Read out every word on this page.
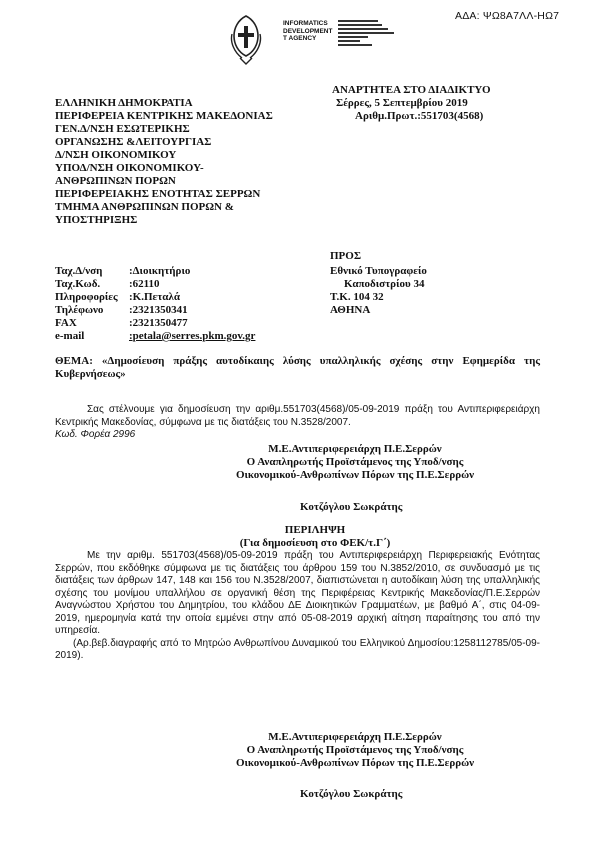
ΑΔΑ: ΨΩ8Α7ΛΛ-ΗΩ7
INFORMATICS
DEVELOPMENT
T AGENCY
ΑΝΑΡΤΗΤΕΑ ΣΤΟ ΔΙΑΔΙΚΤΥΟ
Σέρρες, 5 Σεπτεμβρίου 2019
Αριθμ.Πρωτ.:551703(4568)
ΕΛΛΗΝΙΚΗ ΔΗΜΟΚΡΑΤΙΑ
ΠΕΡΙΦΕΡΕΙΑ ΚΕΝΤΡΙΚΗΣ ΜΑΚΕΔΟΝΙΑΣ
ΓΕΝ.Δ/ΝΣΗ ΕΣΩΤΕΡΙΚΗΣ
ΟΡΓΑΝΩΣΗΣ &ΛΕΙΤΟΥΡΓΙΑΣ
Δ/ΝΣΗ ΟΙΚΟΝΟΜΙΚΟΥ
ΥΠΟΔ/ΝΣΗ ΟΙΚΟΝΟΜΙΚΟΥ-
ΑΝΘΡΩΠΙΝΩΝ ΠΟΡΩΝ
ΠΕΡΙΦΕΡΕΙΑΚΗΣ ΕΝΟΤΗΤΑΣ ΣΕΡΡΩΝ
ΤΜΗΜΑ ΑΝΘΡΩΠΙΝΩΝ ΠΟΡΩΝ &
ΥΠΟΣΤΗΡΙΞΗΣ
ΠΡΟΣ
Ταχ.Δ/νση	:Διοικητήριο
Ταχ.Κωδ.	:62110
Πληροφορίες	:Κ.Πεταλά
Τηλέφωνο	:2321350341
FAX	:2321350477
e-mail	:petala@serres.pkm.gov.gr
Εθνικό Τυπογραφείο
Καποδιστρίου 34
Τ.Κ. 104 32
ΑΘΗΝΑ
ΘΕΜΑ: «Δημοσίευση πράξης αυτοδίκαιης λύσης υπαλληλικής σχέσης στην Εφημερίδα της Κυβερνήσεως»
Σας στέλνουμε για δημοσίευση την αριθμ.551703(4568)/05-09-2019 πράξη του Αντιπεριφερειάρχη Κεντρικής Μακεδονίας, σύμφωνα με τις διατάξεις του Ν.3528/2007.
Κωδ. Φορέα 2996
Μ.Ε.Αντιπεριφερειάρχη Π.Ε.Σερρών
Ο Αναπληρωτής Προϊστάμενος της Υποδ/νσης
Οικονομικού-Ανθρωπίνων Πόρων της Π.Ε.Σερρών
Κοτζόγλου Σωκράτης
ΠΕΡΙΛΗΨΗ
(Για δημοσίευση στο ΦΕΚ/τ.Γ΄)

Με την αριθμ. 551703(4568)/05-09-2019 πράξη του Αντιπεριφερειάρχη Περιφερειακής Ενότητας Σερρών, που εκδόθηκε σύμφωνα με τις διατάξεις του άρθρου 159 του Ν.3852/2010, σε συνδυασμό με τις διατάξεις των άρθρων 147, 148 και 156 του Ν.3528/2007, διαπιστώνεται η αυτοδίκαιη λύση της υπαλληλικής σχέσης του μονίμου υπαλλήλου σε οργανική θέση της Περιφέρειας Κεντρικής Μακεδονίας/Π.Ε.Σερρών Αναγνώστου Χρήστου του Δημητρίου, του κλάδου ΔΕ Διοικητικών Γραμματέων, με βαθμό Α΄, στις 04-09-2019, ημερομηνία κατά την οποία εμμένει στην από 05-08-2019 αρχική αίτηση παραίτησης του από την υπηρεσία.

(Αρ.βεβ.διαγραφής από το Μητρώο Ανθρωπίνου Δυναμικού του Ελληνικού Δημοσίου:1258112785/05-09-2019).

Μ.Ε.Αντιπεριφερειάρχη Π.Ε.Σερρών
Ο Αναπληρωτής Προϊστάμενος της Υποδ/νσης
Οικονομικού-Ανθρωπίνων Πόρων της Π.Ε.Σερρών
Κοτζόγλου Σωκράτης
